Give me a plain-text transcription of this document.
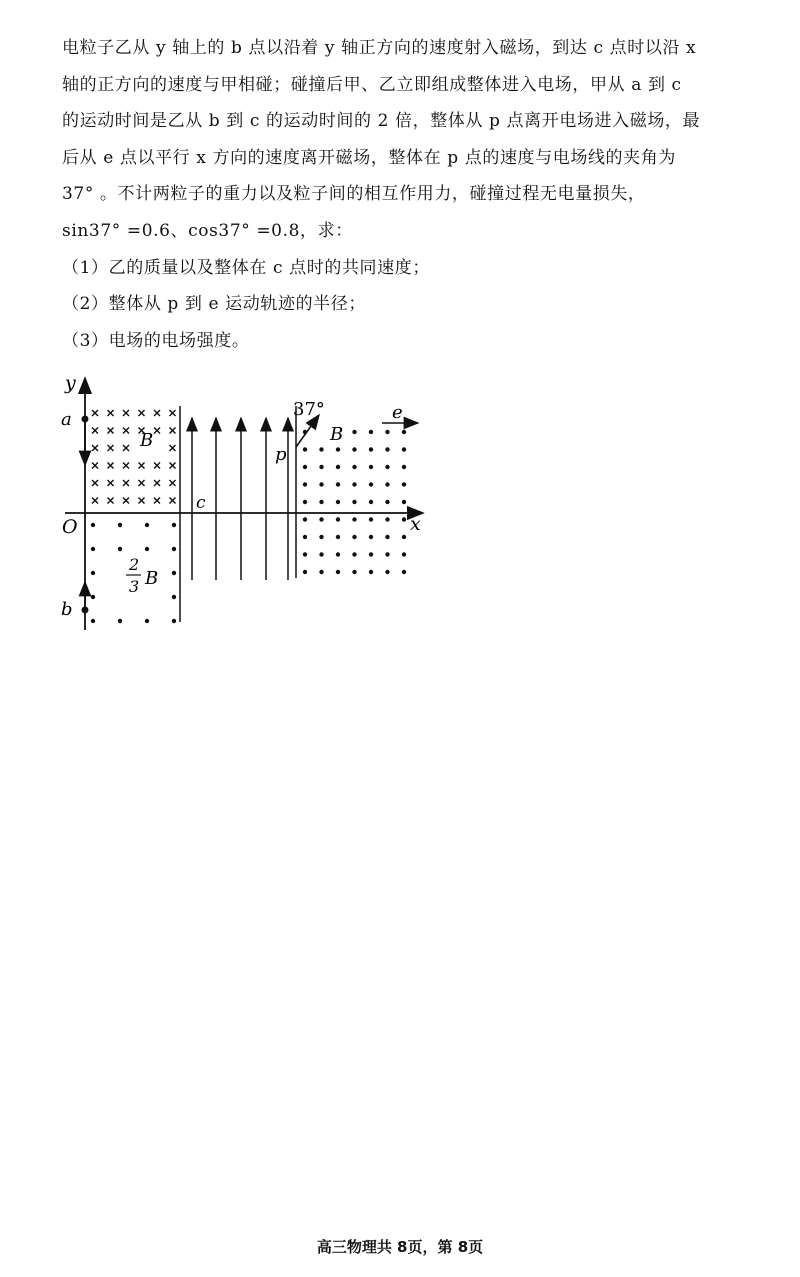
电粒子乙从 y 轴上的 b 点以沿着 y 轴正方向的速度射入磁场，到达 c 点时以沿 x
轴的正方向的速度与甲相碰；碰撞后甲、乙立即组成整体进入电场，甲从 a 到 c
的运动时间是乙从 b 到 c 的运动时间的 2 倍，整体从 p 点离开电场进入磁场，最
后从 e 点以平行 x 方向的速度离开磁场，整体在 p 点的速度与电场线的夹角为
37° 。不计两粒子的重力以及粒子间的相互作用力，碰撞过程无电量损失，
sin37° =0.6、cos37° =0.8，求：
（1）乙的质量以及整体在 c 点时的共同速度；
（2）整体从 p 到 e 运动轨迹的半径；
（3）电场的电场强度。
y
x
O
a
b
c
B	B
2
3 B
p
37°	e
高三物理共 8页，第 8页
